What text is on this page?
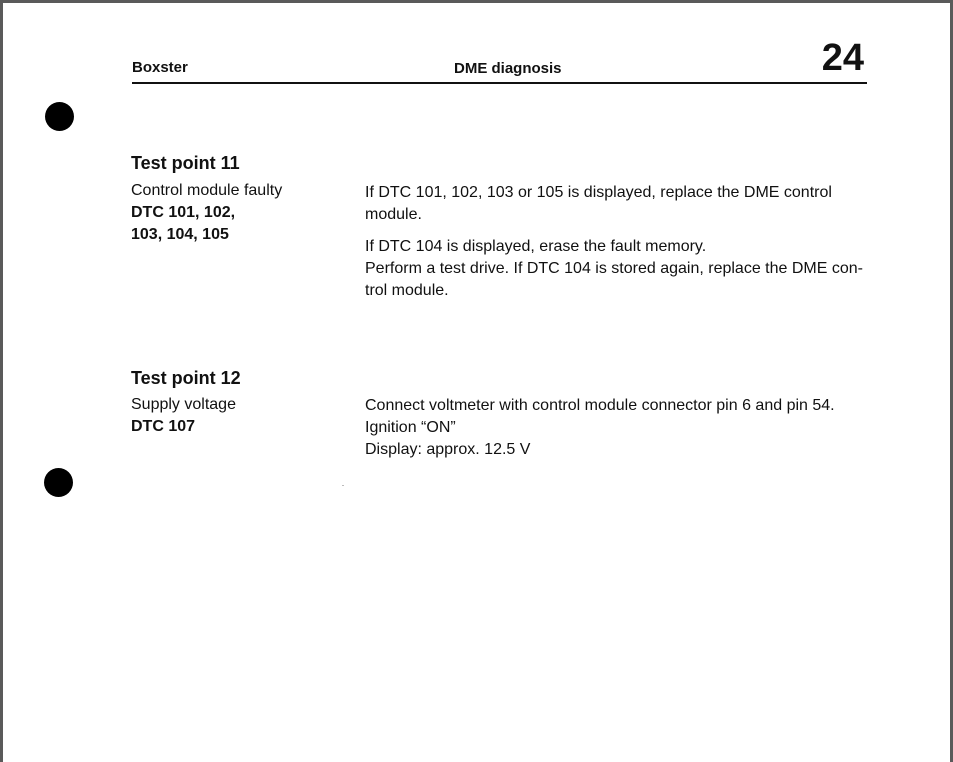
Boxster	DME diagnosis	24
Test point 11
Control module faulty
DTC 101, 102,
103, 104, 105

If DTC 101, 102, 103 or 105 is displayed, replace the DME control
module.

If DTC 104 is displayed, erase the fault memory.
Perform a test drive. If DTC 104 is stored again, replace the DME con-
trol module.

Test point 12
Supply voltage
DTC 107

Connect voltmeter with control module connector pin 6 and pin 54.
Ignition “ON”
Display: approx. 12.5 V
